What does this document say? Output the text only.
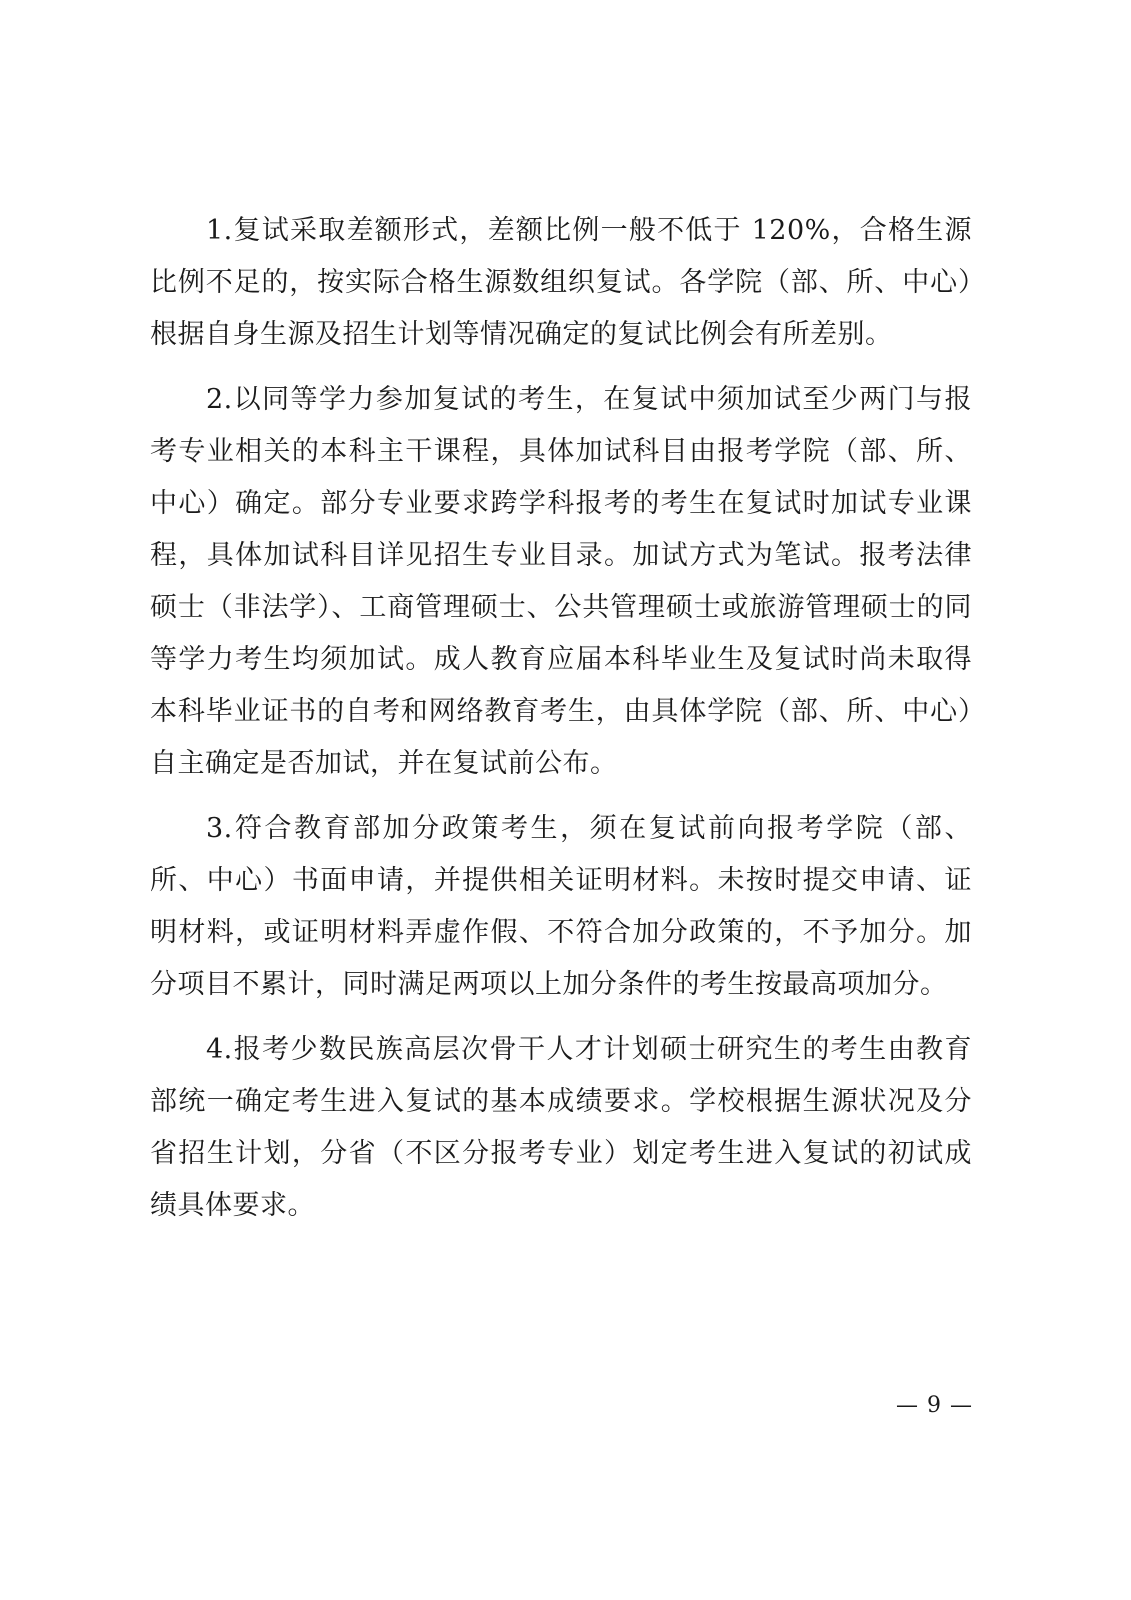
1.复试采取差额形式，差额比例一般不低于 120%，合格生源比例不足的，按实际合格生源数组织复试。各学院（部、所、中心）根据自身生源及招生计划等情况确定的复试比例会有所差别。

2.以同等学力参加复试的考生，在复试中须加试至少两门与报考专业相关的本科主干课程，具体加试科目由报考学院（部、所、中心）确定。部分专业要求跨学科报考的考生在复试时加试专业课程，具体加试科目详见招生专业目录。加试方式为笔试。报考法律硕士（非法学）、工商管理硕士、公共管理硕士或旅游管理硕士的同等学力考生均须加试。成人教育应届本科毕业生及复试时尚未取得本科毕业证书的自考和网络教育考生，由具体学院（部、所、中心）自主确定是否加试，并在复试前公布。

3.符合教育部加分政策考生，须在复试前向报考学院（部、所、中心）书面申请，并提供相关证明材料。未按时提交申请、证明材料，或证明材料弄虚作假、不符合加分政策的，不予加分。加分项目不累计，同时满足两项以上加分条件的考生按最高项加分。

4.报考少数民族高层次骨干人才计划硕士研究生的考生由教育部统一确定考生进入复试的基本成绩要求。学校根据生源状况及分省招生计划，分省（不区分报考专业）划定考生进入复试的初试成绩具体要求。

— 9 —
